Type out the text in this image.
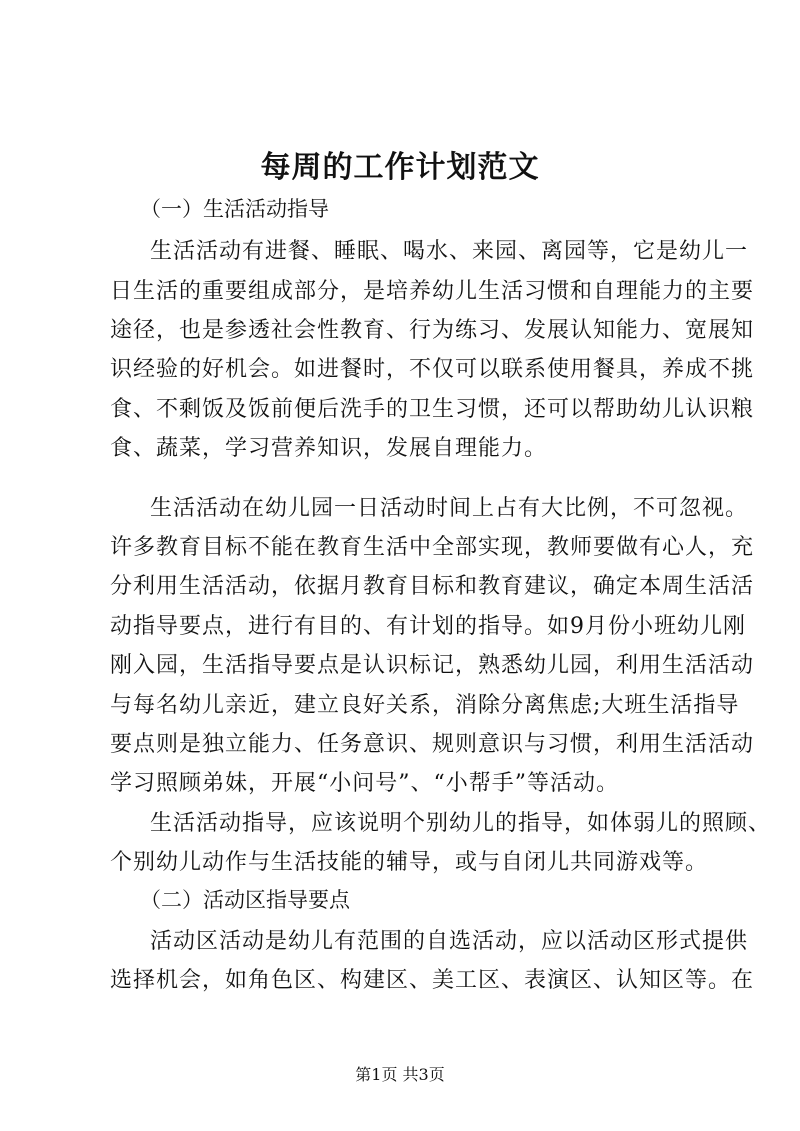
每周的工作计划范文

（一）生活活动指导

生活活动有进餐、睡眠、喝水、来园、离园等，它是幼儿一

日生活的重要组成部分，是培养幼儿生活习惯和自理能力的主要

途径，也是参透社会性教育、行为练习、发展认知能力、宽展知

识经验的好机会。如进餐时，不仅可以联系使用餐具，养成不挑

食、不剩饭及饭前便后洗手的卫生习惯，还可以帮助幼儿认识粮

食、蔬菜，学习营养知识，发展自理能力。

生活活动在幼儿园一日活动时间上占有大比例，不可忽视。

许多教育目标不能在教育生活中全部实现，教师要做有心人，充

分利用生活活动，依据月教育目标和教育建议，确定本周生活活

动指导要点，进行有目的、有计划的指导。如9月份小班幼儿刚

刚入园，生活指导要点是认识标记，熟悉幼儿园，利用生活活动

与每名幼儿亲近，建立良好关系，消除分离焦虑;大班生活指导

要点则是独立能力、任务意识、规则意识与习惯，利用生活活动

学习照顾弟妹，开展“小问号”、“小帮手”等活动。

生活活动指导，应该说明个别幼儿的指导，如体弱儿的照顾、

个别幼儿动作与生活技能的辅导，或与自闭儿共同游戏等。

（二）活动区指导要点

活动区活动是幼儿有范围的自选活动，应以活动区形式提供

选择机会，如角色区、构建区、美工区、表演区、认知区等。在

第1页 共3页
